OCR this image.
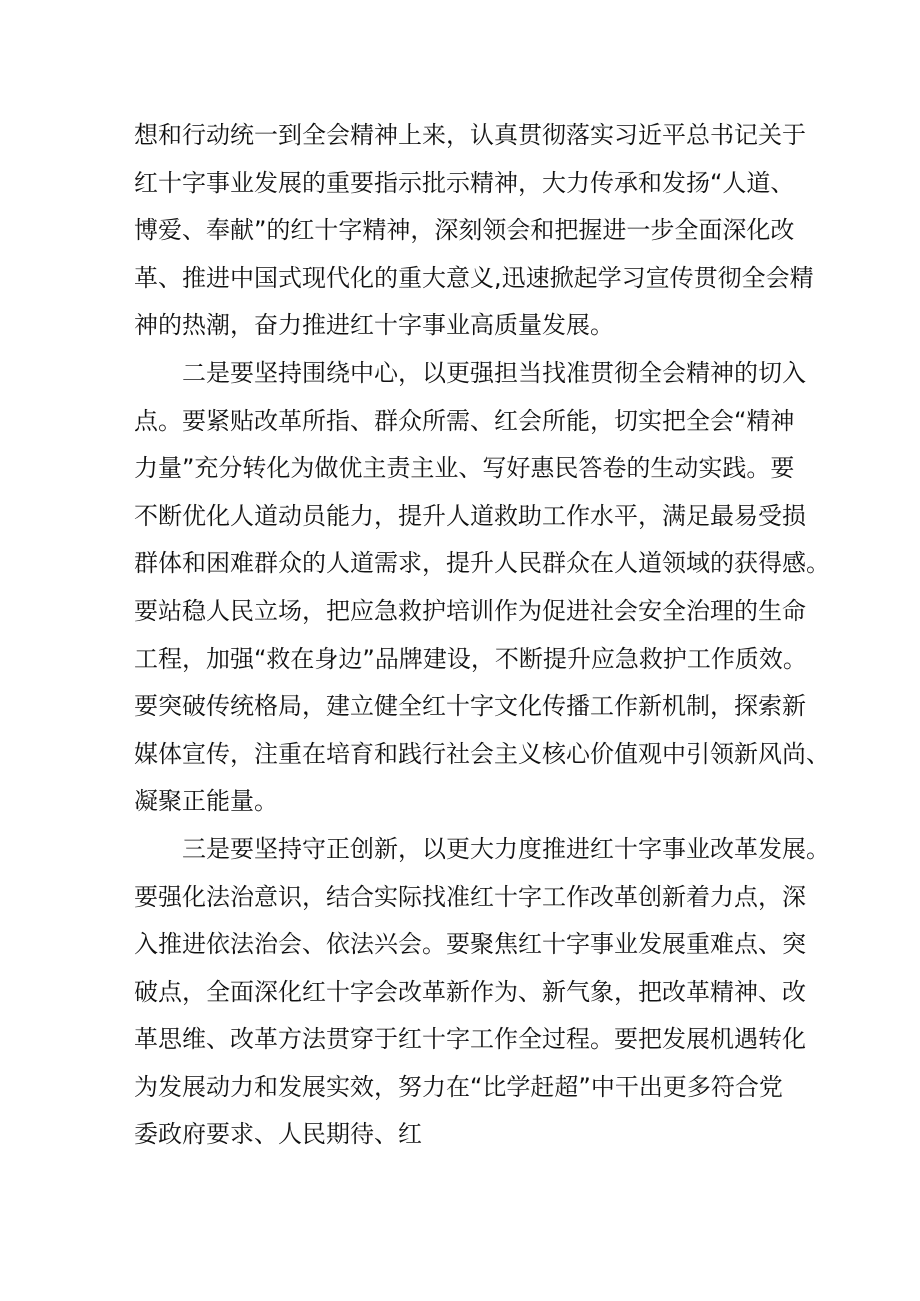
想和行动统一到全会精神上来，认真贯彻落实习近平总书记关于
红十字事业发展的重要指示批示精神，大力传承和发扬“人道、
博爱、奉献”的红十字精神，深刻领会和把握进一步全面深化改
革、推进中国式现代化的重大意义,迅速掀起学习宣传贯彻全会精
神的热潮，奋力推进红十字事业高质量发展。
二是要坚持围绕中心，以更强担当找准贯彻全会精神的切入
点。要紧贴改革所指、群众所需、红会所能，切实把全会“精神
力量”充分转化为做优主责主业、写好惠民答卷的生动实践。要
不断优化人道动员能力，提升人道救助工作水平，满足最易受损
群体和困难群众的人道需求，提升人民群众在人道领域的获得感。
要站稳人民立场，把应急救护培训作为促进社会安全治理的生命
工程，加强“救在身边”品牌建设，不断提升应急救护工作质效。
要突破传统格局，建立健全红十字文化传播工作新机制，探索新
媒体宣传，注重在培育和践行社会主义核心价值观中引领新风尚、
凝聚正能量。
三是要坚持守正创新，以更大力度推进红十字事业改革发展。
要强化法治意识，结合实际找准红十字工作改革创新着力点，深
入推进依法治会、依法兴会。要聚焦红十字事业发展重难点、突
破点，全面深化红十字会改革新作为、新气象，把改革精神、改
革思维、改革方法贯穿于红十字工作全过程。要把发展机遇转化
为发展动力和发展实效，努力在“比学赶超”中干出更多符合党
委政府要求、人民期待、红
